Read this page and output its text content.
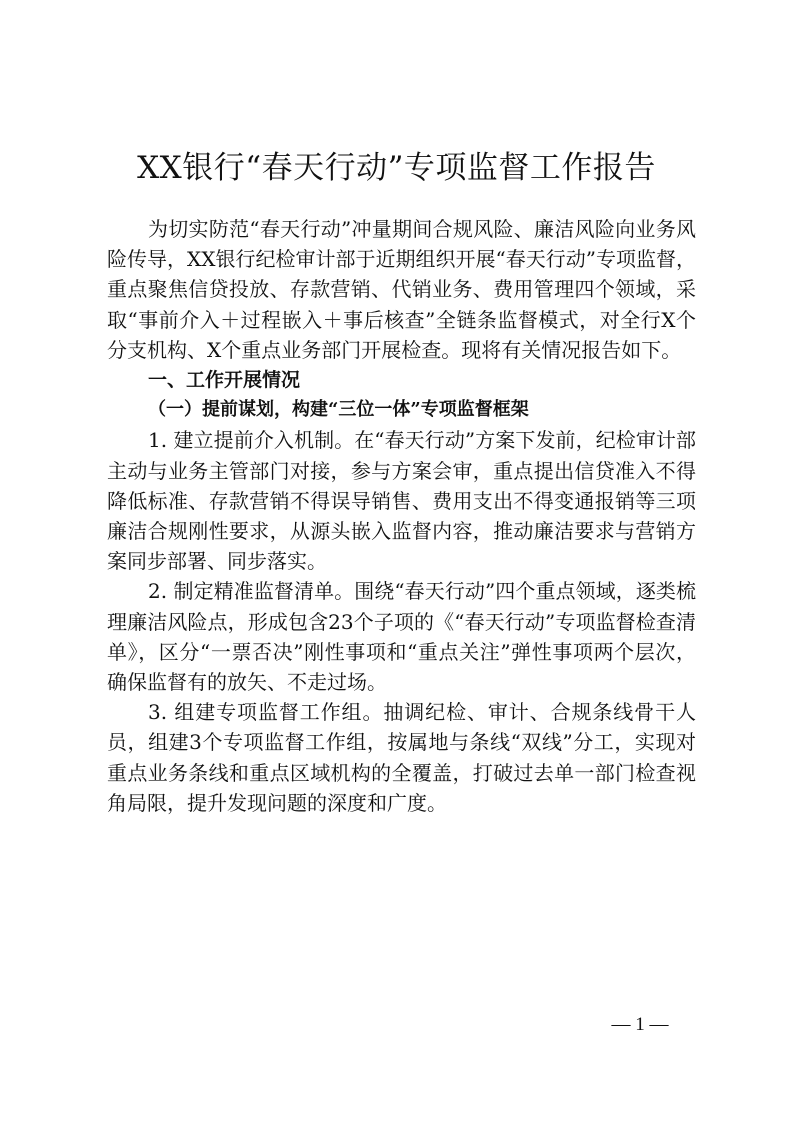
XX银行“春天行动”专项监督工作报告

为切实防范“春天行动”冲量期间合规风险、廉洁风险向业务风险传导，XX银行纪检审计部于近期组织开展“春天行动”专项监督，重点聚焦信贷投放、存款营销、代销业务、费用管理四个领域，采取“事前介入＋过程嵌入＋事后核查”全链条监督模式，对全行X个分支机构、X个重点业务部门开展检查。现将有关情况报告如下。

一、工作开展情况

（一）提前谋划，构建“三位一体”专项监督框架

1. 建立提前介入机制。在“春天行动”方案下发前，纪检审计部主动与业务主管部门对接，参与方案会审，重点提出信贷准入不得降低标准、存款营销不得误导销售、费用支出不得变通报销等三项廉洁合规刚性要求，从源头嵌入监督内容，推动廉洁要求与营销方案同步部署、同步落实。

2. 制定精准监督清单。围绕“春天行动”四个重点领域，逐类梳理廉洁风险点，形成包含23个子项的《“春天行动”专项监督检查清单》，区分“一票否决”刚性事项和“重点关注”弹性事项两个层次，确保监督有的放矢、不走过场。

3. 组建专项监督工作组。抽调纪检、审计、合规条线骨干人员，组建3个专项监督工作组，按属地与条线“双线”分工，实现对重点业务条线和重点区域机构的全覆盖，打破过去单一部门检查视角局限，提升发现问题的深度和广度。

— 1 —
